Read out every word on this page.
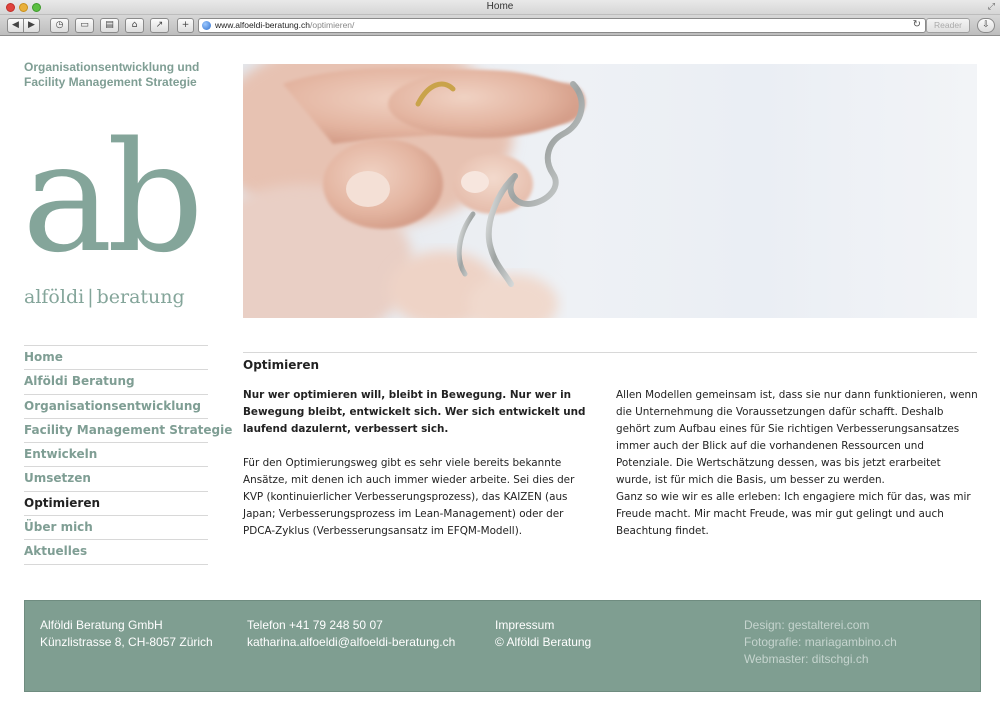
Home	⤢
◀	▶	◷	▭	▤	⌂	↗	+	www.alfoeldi-beratung.ch/optimieren/	↻	Reader	⇩
Organisationsentwicklung und
Facility Management Strategie
ab
alföldi | beratung
Home
Alföldi Beratung
Organisationsentwicklung
Facility Management Strategie
Entwickeln
Umsetzen
Optimieren
Über mich
Aktuelles
Optimieren

Nur wer optimieren will, bleibt in Bewegung. Nur wer in Bewegung bleibt, entwickelt sich. Wer sich entwickelt und laufend dazulernt, verbessert sich.

Für den Optimierungsweg gibt es sehr viele bereits bekannte Ansätze, mit denen ich auch immer wieder arbeite. Sei dies der KVP (kontinuierlicher Verbesserungsprozess), das KAIZEN (aus Japan; Verbesserungsprozess im Lean-Management) oder der PDCA-Zyklus (Verbesserungsansatz im EFQM-Modell).

Allen Modellen gemeinsam ist, dass sie nur dann funktionieren, wenn die Unternehmung die Voraussetzungen dafür schafft. Deshalb gehört zum Aufbau eines für Sie richtigen Verbesserungsansatzes immer auch der Blick auf die vorhandenen Ressourcen und Potenziale. Die Wertschätzung dessen, was bis jetzt erarbeitet wurde, ist für mich die Basis, um besser zu werden.

Ganz so wie wir es alle erleben: Ich engagiere mich für das, was mir Freude macht. Mir macht Freude, was mir gut gelingt und auch Beachtung findet.

Alföldi Beratung GmbH
Künzlistrasse 8, CH-8057 Zürich
Telefon +41 79 248 50 07
katharina.alfoeldi@alfoeldi-beratung.ch
Impressum
© Alföldi Beratung
Design: gestalterei.com
Fotografie: mariagambino.ch
Webmaster: ditschgi.ch
